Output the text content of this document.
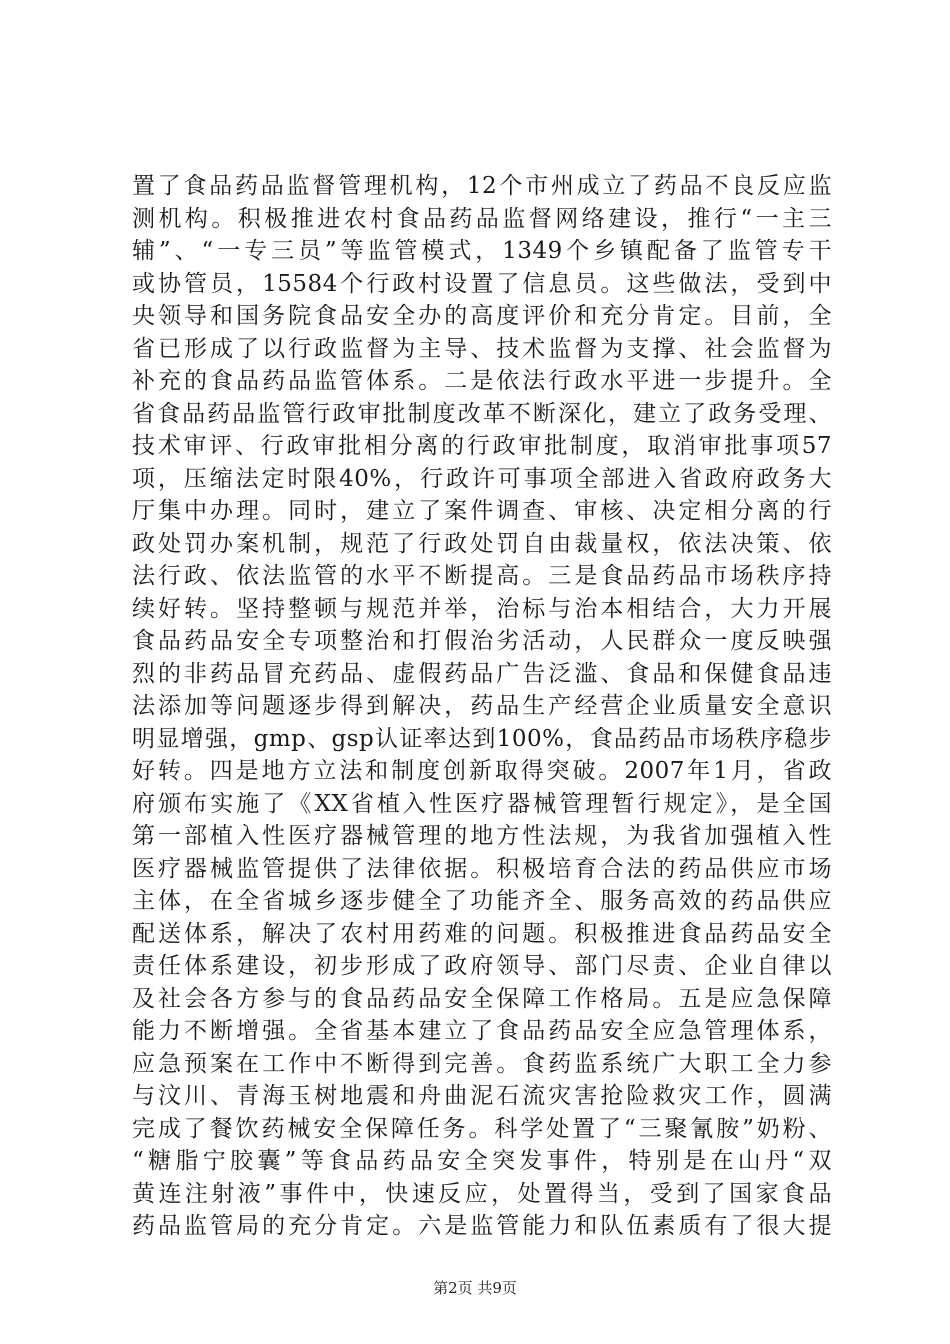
置了食品药品监督管理机构，12个市州成立了药品不良反应监
测机构。积极推进农村食品药品监督网络建设，推行“一主三
辅”、“一专三员”等监管模式，1349个乡镇配备了监管专干
或协管员，15584个行政村设置了信息员。这些做法，受到中
央领导和国务院食品安全办的高度评价和充分肯定。目前，全
省已形成了以行政监督为主导、技术监督为支撑、社会监督为
补充的食品药品监管体系。二是依法行政水平进一步提升。全
省食品药品监管行政审批制度改革不断深化，建立了政务受理、
技术审评、行政审批相分离的行政审批制度，取消审批事项57
项，压缩法定时限40%，行政许可事项全部进入省政府政务大
厅集中办理。同时，建立了案件调查、审核、决定相分离的行
政处罚办案机制，规范了行政处罚自由裁量权，依法决策、依
法行政、依法监管的水平不断提高。三是食品药品市场秩序持
续好转。坚持整顿与规范并举，治标与治本相结合，大力开展
食品药品安全专项整治和打假治劣活动，人民群众一度反映强
烈的非药品冒充药品、虚假药品广告泛滥、食品和保健食品违
法添加等问题逐步得到解决，药品生产经营企业质量安全意识
明显增强，gmp、gsp认证率达到100%，食品药品市场秩序稳步
好转。四是地方立法和制度创新取得突破。2007年1月，省政
府颁布实施了《XX省植入性医疗器械管理暂行规定》，是全国
第一部植入性医疗器械管理的地方性法规，为我省加强植入性
医疗器械监管提供了法律依据。积极培育合法的药品供应市场
主体，在全省城乡逐步健全了功能齐全、服务高效的药品供应
配送体系，解决了农村用药难的问题。积极推进食品药品安全
责任体系建设，初步形成了政府领导、部门尽责、企业自律以
及社会各方参与的食品药品安全保障工作格局。五是应急保障
能力不断增强。全省基本建立了食品药品安全应急管理体系，
应急预案在工作中不断得到完善。食药监系统广大职工全力参
与汶川、青海玉树地震和舟曲泥石流灾害抢险救灾工作，圆满
完成了餐饮药械安全保障任务。科学处置了“三聚氰胺”奶粉、
“糖脂宁胶囊”等食品药品安全突发事件，特别是在山丹“双
黄连注射液”事件中，快速反应，处置得当，受到了国家食品
药品监管局的充分肯定。六是监管能力和队伍素质有了很大提
第2页 共9页
